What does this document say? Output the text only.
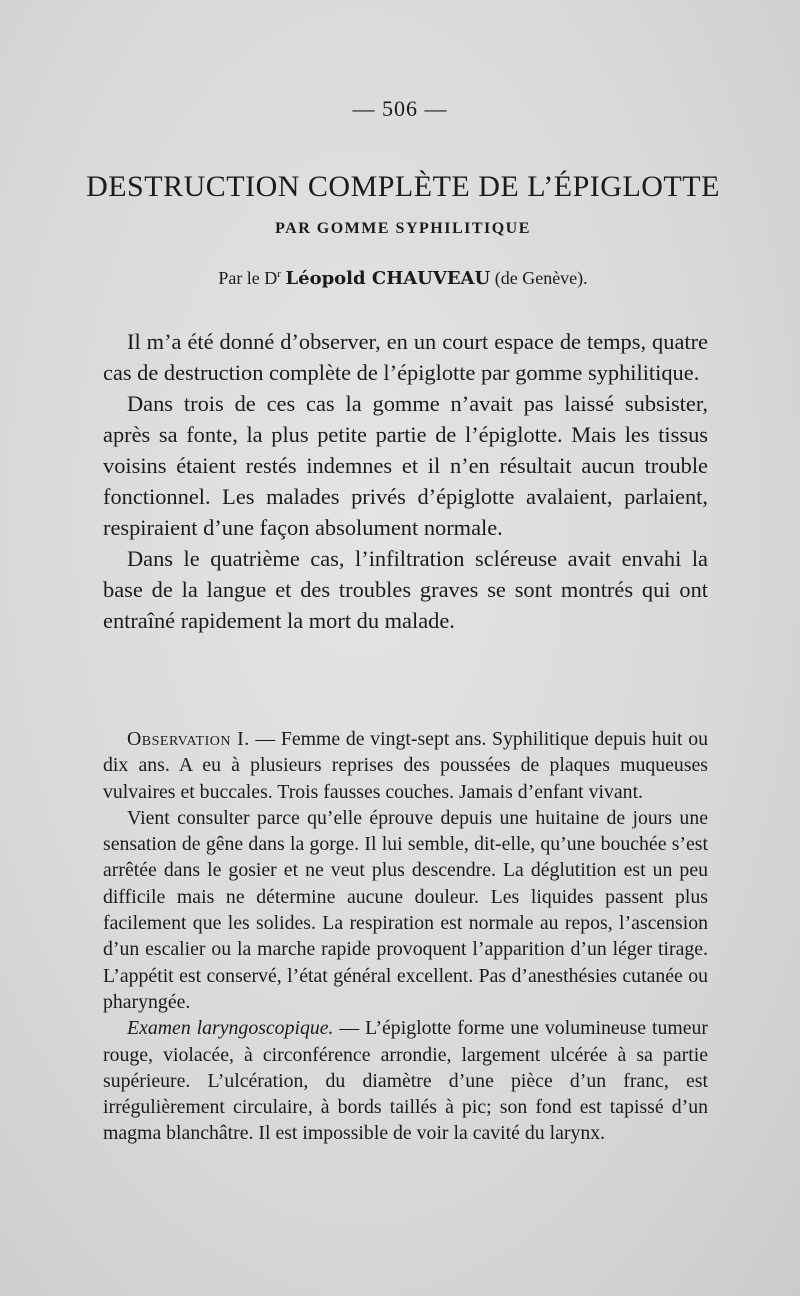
— 506 —
DESTRUCTION COMPLÈTE DE L’ÉPIGLOTTE
PAR GOMME SYPHILITIQUE
Par le $D^r$ Léopold CHAUVEAU (de Genève).

Il m’a été donné d’observer, en un court espace de temps, quatre cas de destruction complète de l’épiglotte par gomme syphilitique.

Dans trois de ces cas la gomme n’avait pas laissé subsister, après sa fonte, la plus petite partie de l’épiglotte. Mais les tissus voisins étaient restés indemnes et il n’en résultait aucun trouble fonctionnel. Les malades privés d’épiglotte avalaient, parlaient, respiraient d’une façon absolument normale.

Dans le quatrième cas, l’infiltration scléreuse avait envahi la base de la langue et des troubles graves se sont montrés qui ont entraîné rapidement la mort du malade.

Observation I. — Femme de vingt-sept ans. Syphilitique depuis huit ou dix ans. A eu à plusieurs reprises des poussées de plaques muqueuses vulvaires et buccales. Trois fausses couches. Jamais d’enfant vivant.

Vient consulter parce qu’elle éprouve depuis une huitaine de jours une sensation de gêne dans la gorge. Il lui semble, dit-elle, qu’une bouchée s’est arrêtée dans le gosier et ne veut plus descendre. La déglutition est un peu difficile mais ne détermine aucune douleur. Les liquides passent plus facilement que les solides. La respiration est normale au repos, l’ascension d’un escalier ou la marche rapide provoquent l’apparition d’un léger tirage. L’appétit est conservé, l’état général excellent. Pas d’anesthésies cutanée ou pharyngée.

Examen laryngoscopique. — L’épiglotte forme une volumineuse tumeur rouge, violacée, à circonférence arrondie, largement ulcérée à sa partie supérieure. L’ulcération, du diamètre d’une pièce d’un franc, est irrégulièrement circulaire, à bords taillés à pic; son fond est tapissé d’un magma blanchâtre. Il est impossible de voir la cavité du larynx.
